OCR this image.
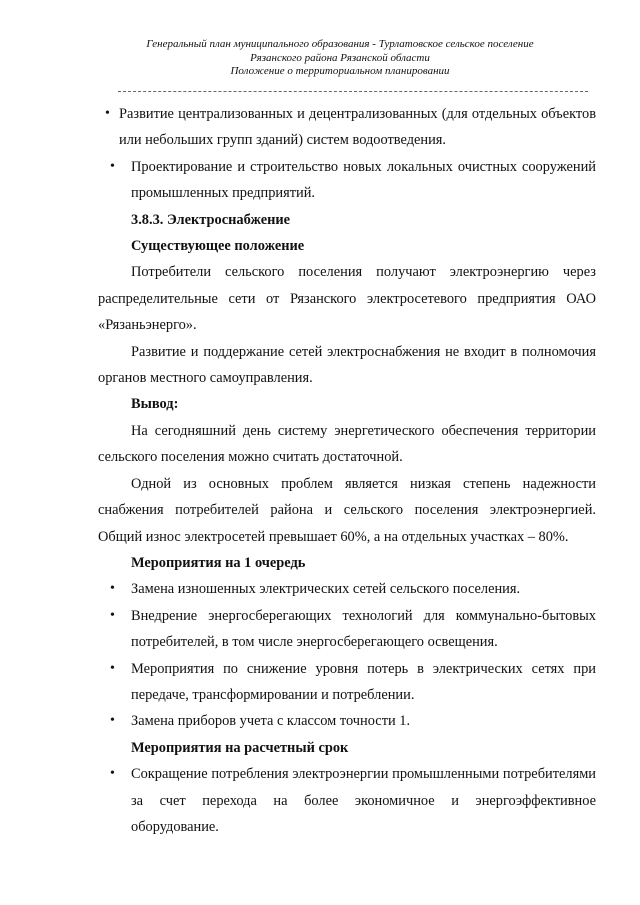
Генеральный план муниципального образования - Турлатовское сельское поселение
Рязанского района Рязанской области
Положение о территориальном планировании
• Развитие централизованных и децентрализованных (для отдельных объектов или небольших групп зданий) систем водоотведения.
• Проектирование и строительство новых локальных очистных сооружений промышленных предприятий.

3.8.3. Электроснабжение

Существующее положение

Потребители сельского поселения получают электроэнергию через распределительные сети от Рязанского электросетевого предприятия ОАО «Рязаньэнерго».

Развитие и поддержание сетей электроснабжения не входит в полномочия органов местного самоуправления.

Вывод:

На сегодняшний день систему энергетического обеспечения территории сельского поселения можно считать достаточной.

Одной из основных проблем является низкая степень надежности снабжения потребителей района и сельского поселения электроэнергией. Общий износ электросетей превышает 60%, а на отдельных участках – 80%.

Мероприятия на 1 очередь

• Замена изношенных электрических сетей сельского поселения.
• Внедрение энергосберегающих технологий для коммунально-бытовых потребителей, в том числе энергосберегающего освещения.
• Мероприятия по снижение уровня потерь в электрических сетях при передаче, трансформировании и потреблении.
• Замена приборов учета с классом точности 1.

Мероприятия на расчетный срок

• Сокращение потребления электроэнергии промышленными потребителями за счет перехода на более экономичное и энергоэффективное оборудование.
